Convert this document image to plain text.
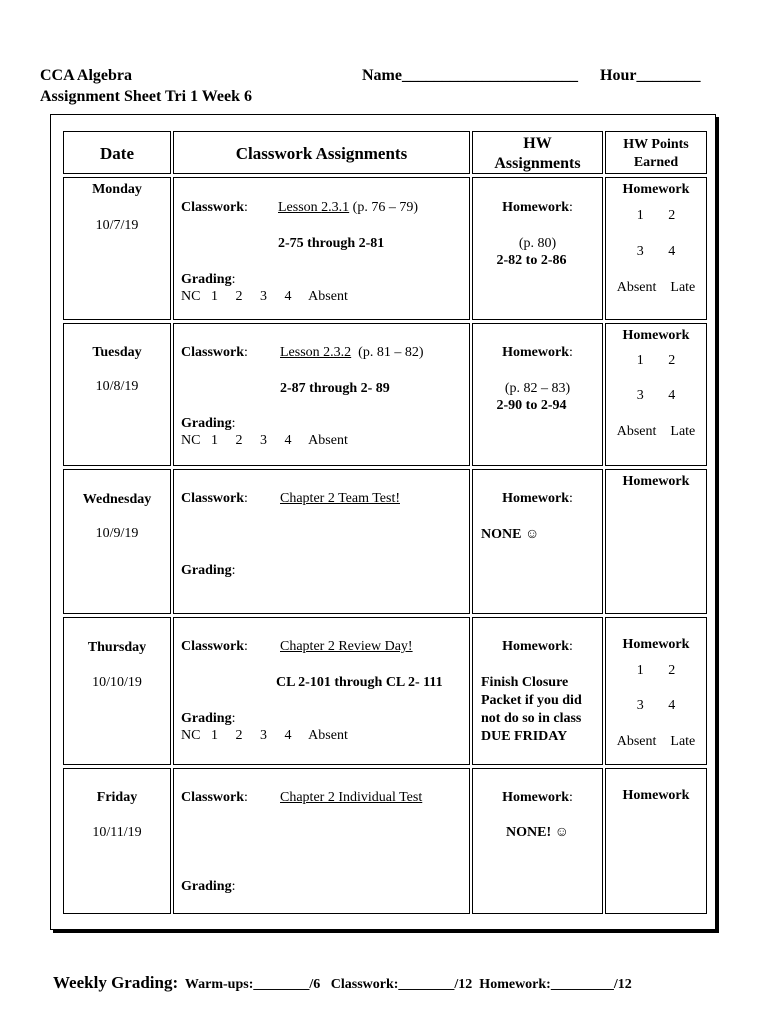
CCA Algebra
Assignment Sheet Tri 1 Week 6
Name______________________ Hour________
Date	Classwork Assignments
HW
Assignments
HW Points
Earned
Monday
10/7/19
Classwork: Lesson 2.3.1 (p. 76 – 79)
2-75 through 2-81
Grading:
NC   1     2     3     4     Absent
Homework:
(p. 80)
2-82 to 2-86
Homework
1       2
3       4
Absent    Late
Tuesday
10/8/19
Classwork: Lesson 2.3.2  (p. 81 – 82)
2-87 through 2- 89
Grading:
NC   1     2     3     4     Absent
Homework:
(p. 82 – 83)
2-90 to 2-94
Homework
1       2
3       4
Absent    Late
Wednesday
10/9/19
Classwork: Chapter 2 Team Test!
Grading:
Homework:
NONE ☺
Homework
Thursday
10/10/19
Classwork: Chapter 2 Review Day!
CL 2-101 through CL 2- 111
Grading:
NC   1     2     3     4     Absent
Homework:
Finish Closure
Packet if you did
not do so in class
DUE FRIDAY
Homework
1       2
3       4
Absent    Late
Friday
10/11/19
Classwork: Chapter 2 Individual Test
Grading:
Homework:
NONE! ☺
Homework

Weekly Grading:  Warm-ups:________/6   Classwork:________/12  Homework:_________/12
